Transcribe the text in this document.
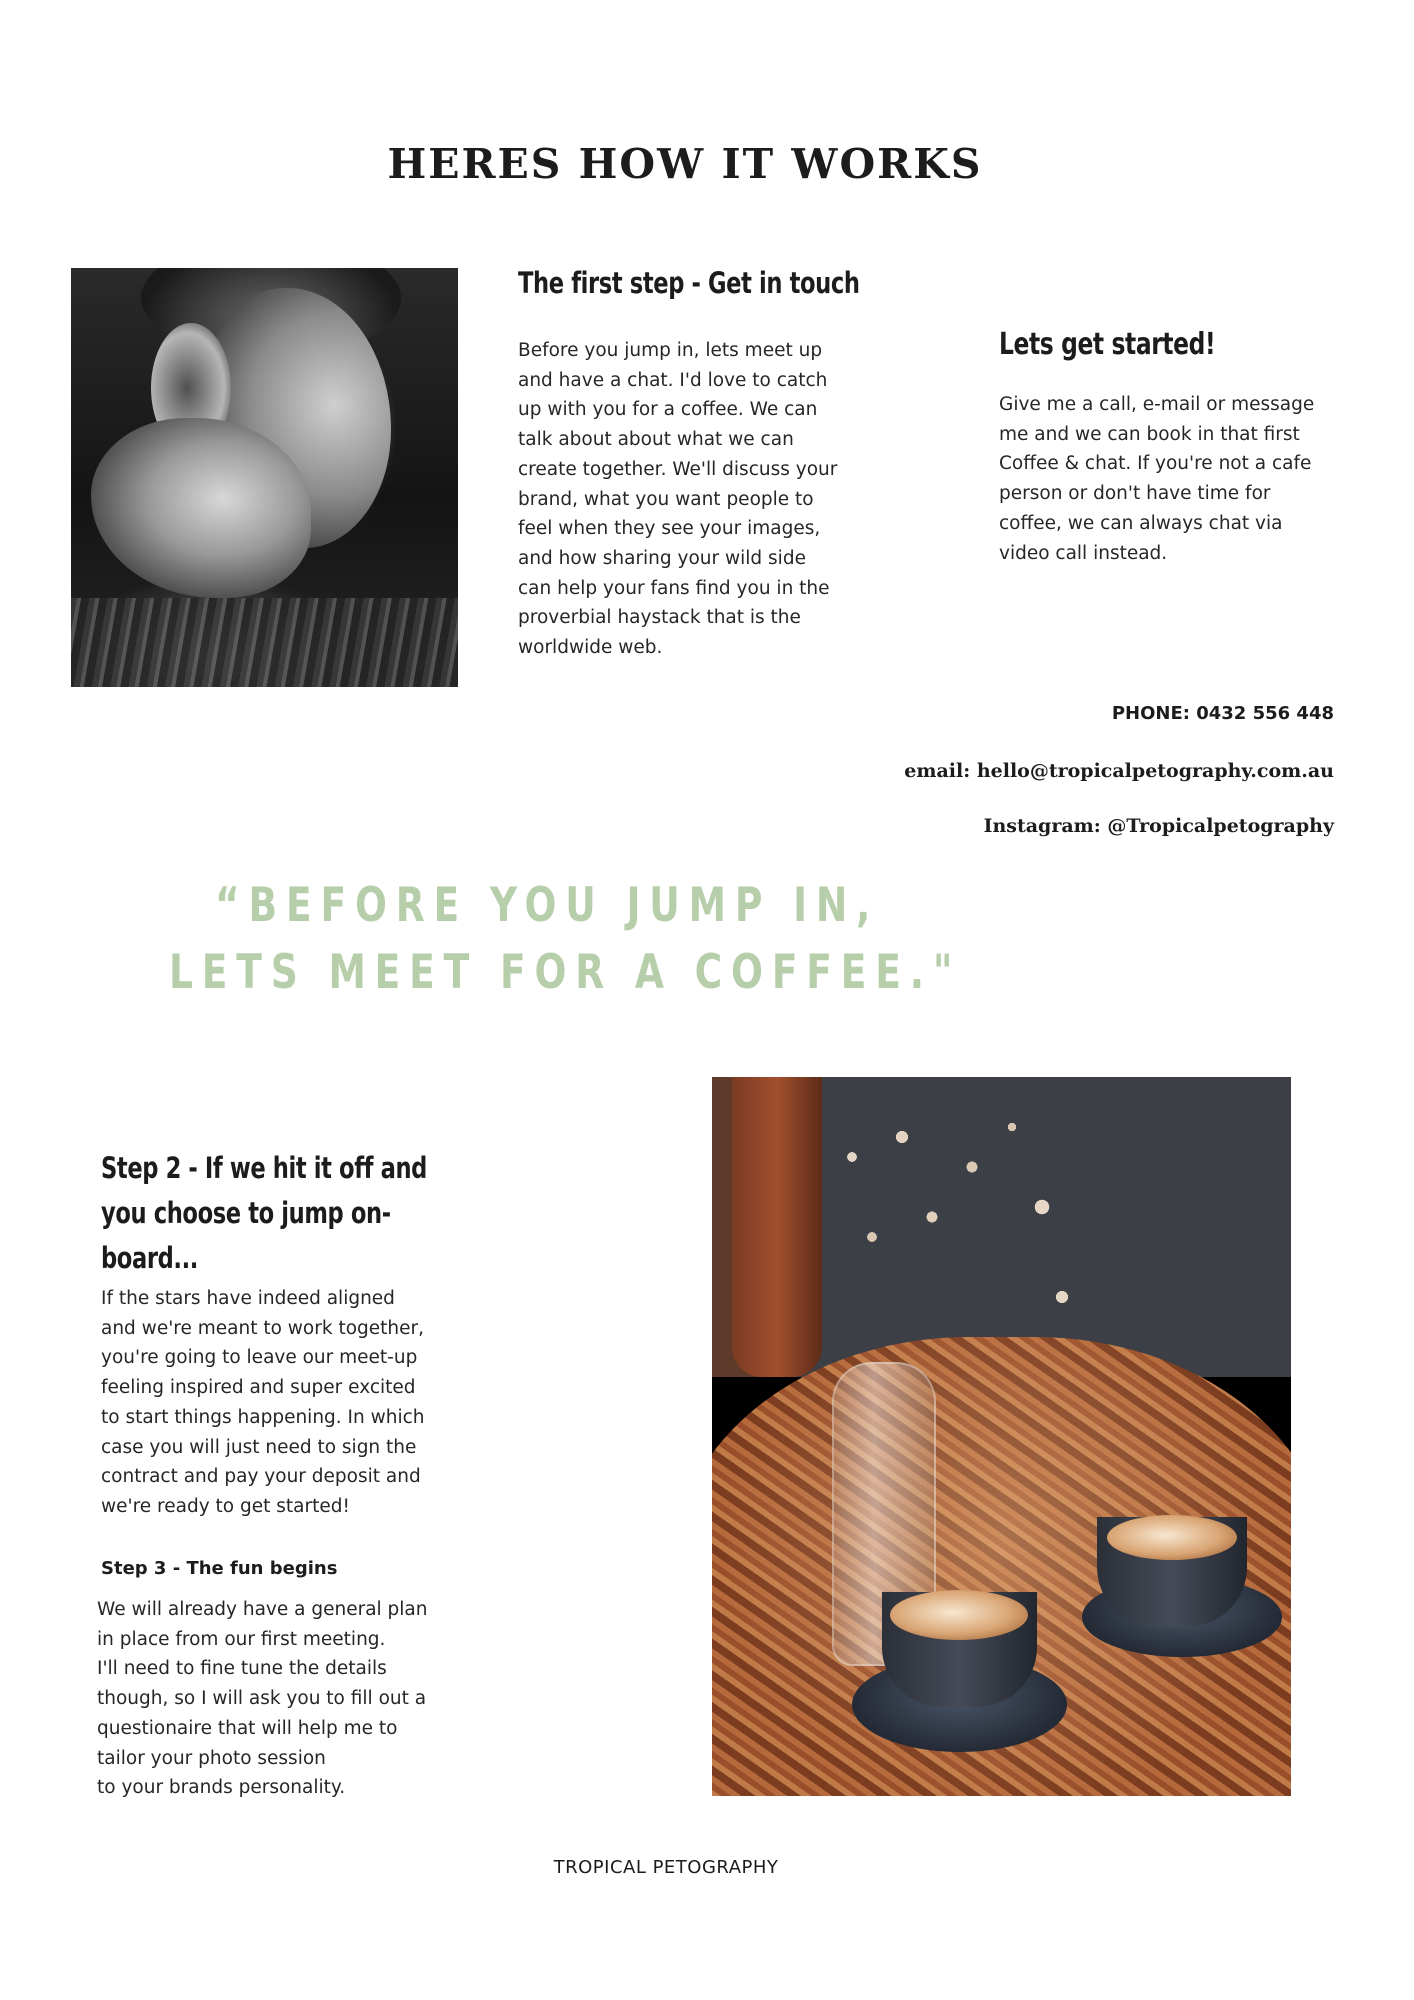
HERES HOW IT WORKS
The first step - Get in touch
Before you jump in, lets meet up
and have a chat. I'd love to catch
up with you for a coffee. We can
talk about about what we can
create together. We'll discuss your
brand, what you want people to
feel when they see your images,
and how sharing your wild side
can help your fans find you in the
proverbial haystack that is the
worldwide web.
Lets get started!
Give me a call, e-mail or message
me and we can book in that first
Coffee & chat. If you're not a cafe
person or don't have time for
coffee, we can always chat via
video call instead.
PHONE: 0432 556 448
email: hello@tropicalpetography.com.au
Instagram: @Tropicalpetography
“BEFORE YOU JUMP IN,
LETS MEET FOR A COFFEE."
Step 2 - If we hit it off and
you choose to jump on-
board...
If the stars have indeed aligned
and we're meant to work together,
you're going to leave our meet-up
feeling inspired and super excited
to start things happening. In which
case you will just need to sign the
contract and pay your deposit and
we're ready to get started!
Step 3 - The fun begins
We will already have a general plan
in place from our first meeting.
I'll need to fine tune the details
though, so I will ask you to fill out a
questionaire that will help me to
tailor your photo session
to your brands personality.
TROPICAL PETOGRAPHY
